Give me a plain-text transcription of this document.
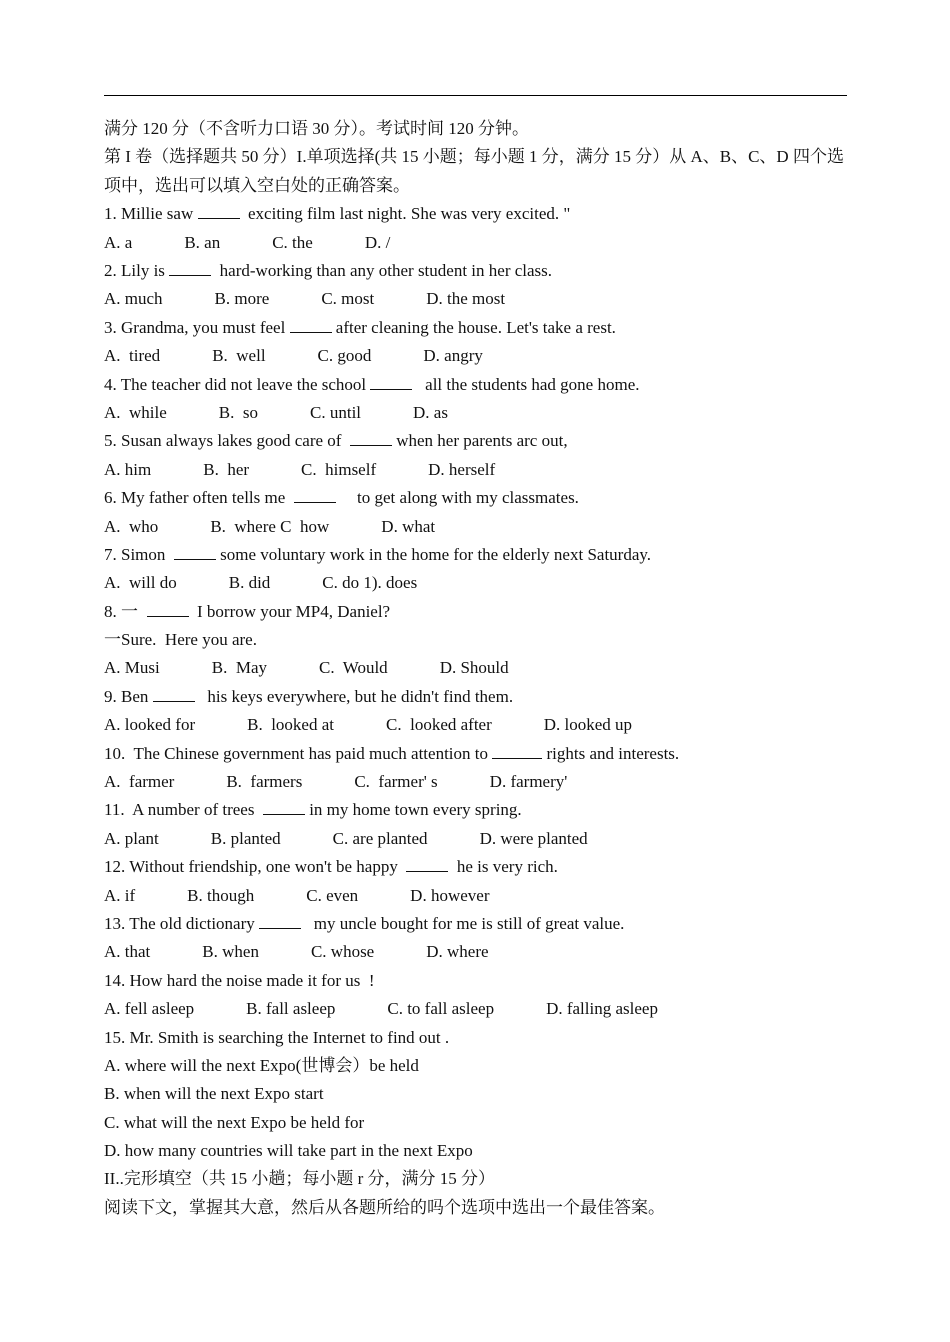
满分 120 分（不含听力口语 30 分）。考试时间 120 分钟。
第 I 卷（选择题共 50 分）I.单项选择(共 15 小题；每小题 1 分，满分 15 分）从 A、B、C、D 四个选项中，选出可以填入空白处的正确答案。
1. Millie saw   exciting film last night. She was very excited. "
A. a	B. an	C. the	D. /
2. Lily is   hard-working than any other student in her class.
A. much	B. more	C. most	D. the most
3. Grandma, you must feel  after cleaning the house. Let's take a rest.
A.  tired	B.  well	C. good	D. angry
4. The teacher did not leave the school    all the students had gone home.
A.  while	B.  so	C. until	D. as
5. Susan always lakes good care of   when her parents arc out,
A. him	B.  her	C.  himself	D. herself
6. My father often tells me       to get along with my classmates.
A.  who	B.  where C  how	D. what
7. Simon   some voluntary work in the home for the elderly next Saturday.
A.  will do	B. did	C. do 1). does
8. 一    I borrow your MP4, Daniel?
一Sure.  Here you are.
A. Musi	B.  May	C.  Would	D. Should
9. Ben    his keys everywhere, but he didn't find them.
A. looked for	B.  looked at	C.  looked after	D. looked up
10.  The Chinese government has paid much attention to	rights and interests.
A.  farmer	B.  farmers	C.  farmer' s	D. farmery'
11.  A number of trees   in my home town every spring.
A. plant	B. planted	C. are planted	D. were planted
12. Without friendship, one won't be happy    he is very rich.
A. if	B. though	C. even	D. however
13. The old dictionary    my uncle bought for me is still of great value.
A. that	B. when	C. whose	D. where
14. How hard the noise made it for us  !
A. fell asleep	B. fall asleep	C. to fall asleep	D. falling asleep
15. Mr. Smith is searching the Internet to find out .
A. where will the next Expo(世博会）be held
B. when will the next Expo start
C. what will the next Expo be held for
D. how many countries will take part in the next Expo
II..完形填空（共 15 小趟；每小题 r 分，满分 15 分）
阅读下文，掌握其大意，然后从各题所给的吗个选项中选出一个最佳答案。
